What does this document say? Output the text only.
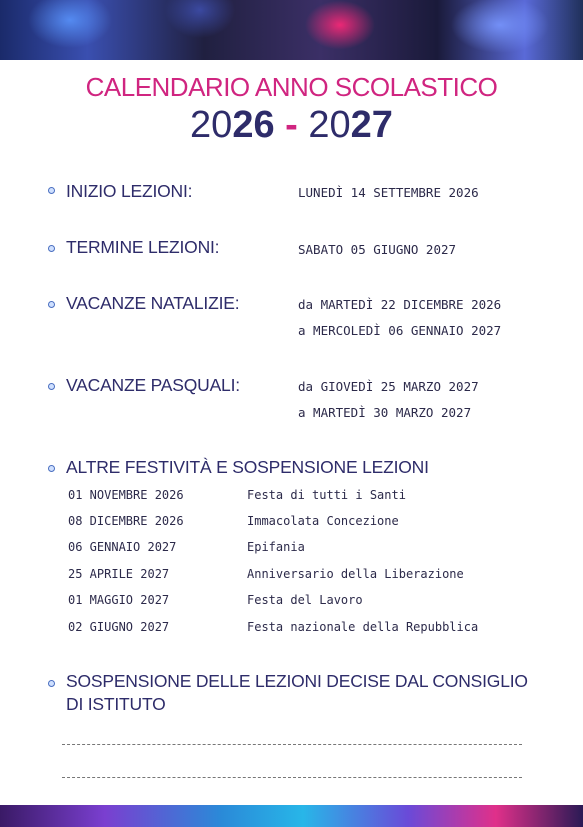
CALENDARIO ANNO SCOLASTICO
2026 - 2027
INIZIO LEZIONI:	LUNEDÌ 14 SETTEMBRE 2026
TERMINE LEZIONI:	SABATO 05 GIUGNO 2027
VACANZE NATALIZIE:	da MARTEDÌ 22 DICEMBRE 2026
a MERCOLEDÌ 06 GENNAIO 2027
VACANZE PASQUALI:	da GIOVEDÌ 25 MARZO 2027
a MARTEDÌ 30 MARZO 2027
ALTRE FESTIVITÀ E SOSPENSIONE LEZIONI
01 NOVEMBRE 2026	Festa di tutti i Santi
08 DICEMBRE 2026	Immacolata Concezione
06 GENNAIO 2027	Epifania
25 APRILE 2027	Anniversario della Liberazione
01 MAGGIO 2027	Festa del Lavoro
02 GIUGNO 2027	Festa nazionale della Repubblica
SOSPENSIONE DELLE LEZIONI DECISE DAL CONSIGLIO
DI ISTITUTO
